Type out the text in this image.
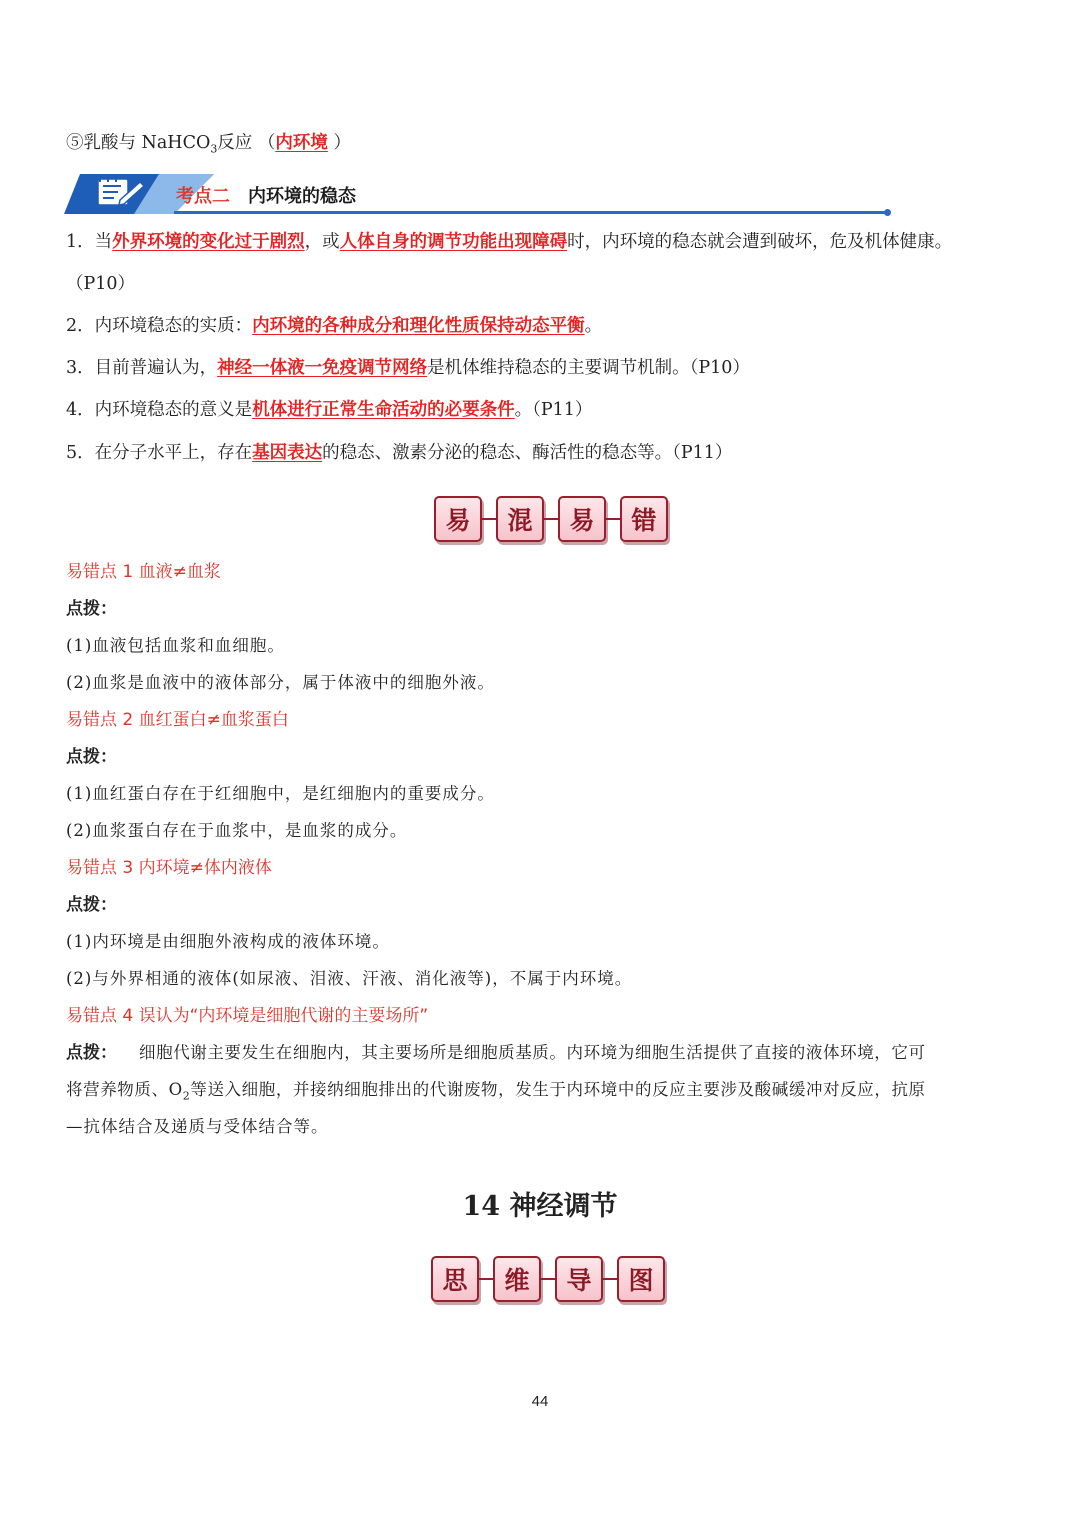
⑤乳酸与 NaHCO$_3$反应 （内环境 ）
考点二 内环境的稳态
1．当外界环境的变化过于剧烈，或人体自身的调节功能出现障碍时，内环境的稳态就会遭到破坏，危及机体健康。
（P10）
2．内环境稳态的实质：内环境的各种成分和理化性质保持动态平衡。
3．目前普遍认为，神经一体液一免疫调节网络是机体维持稳态的主要调节机制。（P10）
4．内环境稳态的意义是机体进行正常生命活动的必要条件。（P11）
5．在分子水平上，存在基因表达的稳态、激素分泌的稳态、酶活性的稳态等。（P11）
易	混	易	错
易错点 1 血液≠血浆
点拨：
(1)血液包括血浆和血细胞。
(2)血浆是血液中的液体部分，属于体液中的细胞外液。
易错点 2 血红蛋白≠血浆蛋白
点拨：
(1)血红蛋白存在于红细胞中，是红细胞内的重要成分。
(2)血浆蛋白存在于血浆中，是血浆的成分。
易错点 3 内环境≠体内液体
点拨：
(1)内环境是由细胞外液构成的液体环境。
(2)与外界相通的液体(如尿液、泪液、汗液、消化液等)，不属于内环境。
易错点 4 误认为“内环境是细胞代谢的主要场所”
点拨： 细胞代谢主要发生在细胞内，其主要场所是细胞质基质。内环境为细胞生活提供了直接的液体环境，它可
将营养物质、$O_2$等送入细胞，并接纳细胞排出的代谢废物，发生于内环境中的反应主要涉及酸碱缓冲对反应，抗原
—抗体结合及递质与受体结合等。
14 神经调节
思	维	导	图
44
